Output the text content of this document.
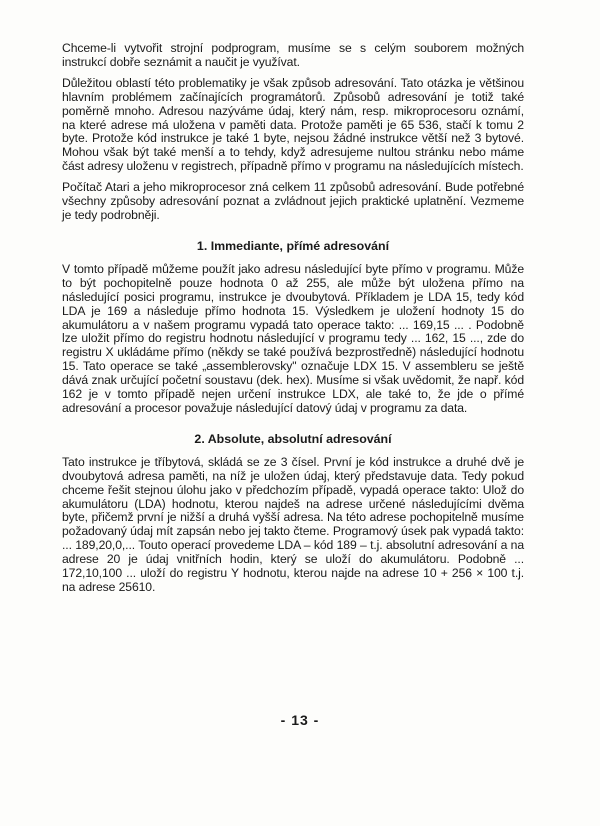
Chceme-li vytvořit strojní podprogram, musíme se s celým souborem možných instrukcí dobře seznámit a naučit je využívat.

Důležitou oblastí této problematiky je však způsob adresování. Tato otázka je většinou hlavním problémem začínajících programátorů. Způsobů adresování je totiž také poměrně mnoho. Adresou nazýváme údaj, který nám, resp. mikroprocesoru oznámí, na které adrese má uložena v paměti data. Protože paměti je 65 536, stačí k tomu 2 byte. Protože kód instrukce je také 1 byte, nejsou žádné instrukce větší než 3 bytové. Mohou však být také menší a to tehdy, když adresujeme nultou stránku nebo máme část adresy uloženu v registrech, případně přímo v programu na následujících místech.

Počítač Atari a jeho mikroprocesor zná celkem 11 způsobů adresování. Bude potřebné všechny způsoby adresování poznat a zvládnout jejich praktické uplatnění. Vezmeme je tedy podrobněji.

1. Immediante, přímé adresování

V tomto případě můžeme použít jako adresu následující byte přímo v programu. Může to být pochopitelně pouze hodnota 0 až 255, ale může být uložena přímo na následující posici programu, instrukce je dvoubytová. Příkladem je LDA 15, tedy kód LDA je 169 a následuje přímo hodnota 15. Výsledkem je uložení hodnoty 15 do akumulátoru a v našem programu vypadá tato operace takto: ... 169,15 ... . Podobně lze uložit přímo do registru hodnotu následující v programu tedy ... 162, 15 ..., zde do registru X ukládáme přímo (někdy se také používá bezprostředně) následující hodnotu 15. Tato operace se také „assemblerovsky" označuje LDX 15. V assembleru se ještě dává znak určující početní soustavu (dek. hex). Musíme si však uvědomit, že např. kód 162 je v tomto případě nejen určení instrukce LDX, ale také to, že jde o přímé adresování a procesor považuje následující datový údaj v programu za data.

2. Absolute, absolutní adresování

Tato instrukce je tříbytová, skládá se ze 3 čísel. První je kód instrukce a druhé dvě je dvoubytová adresa paměti, na níž je uložen údaj, který představuje data. Tedy pokud chceme řešit stejnou úlohu jako v předchozím případě, vypadá operace takto: Ulož do akumulátoru (LDA) hodnotu, kterou najdeš na adrese určené následujícími dvěma byte, přičemž první je nižší a druhá vyšší adresa. Na této adrese pochopitelně musíme požadovaný údaj mít zapsán nebo jej takto čteme. Programový úsek pak vypadá takto: ... 189,20,0,... Touto operací provedeme LDA – kód 189 – t.j. absolutní adresování a na adrese 20 je údaj vnitřních hodin, který se uloží do akumulátoru. Podobně ... 172,10,100 ... uloží do registru Y hodnotu, kterou najde na adrese 10 + 256 × 100 t.j. na adrese 25610.

- 13 -
